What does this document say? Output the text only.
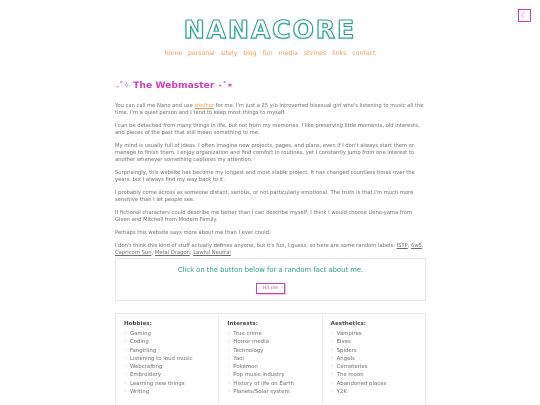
☾
NANACORE
home personal sitely blog fun media shrines links contact
₊˚✧ The Webmaster ⋆˚✶
You can call me Nano and use she/her for me. I'm just a 25 y/o introverted bisexual girl who's listening to music all the time. I'm a quiet person and I tend to keep most things to myself.
I can be detached from many things in life, but not from my memories. I like preserving little moments, old interests, and pieces of the past that still mean something to me.
My mind is usually full of ideas. I often imagine new projects, pages, and plans, even if I don't always start them or manage to finish them. I enjoy organization and find comfort in routines, yet I constantly jump from one interest to another whenever something captures my attention.
Surprisingly, this website has become my longest and most stable project. It has changed countless times over the years, but I always find my way back to it.
I probably come across as someone distant, serious, or not particularly emotional. The truth is that I'm much more sensitive than I let people see.
If fictional characters could describe me better than I can describe myself, I think I would choose Ueno-yama from Given and Mitchell from Modern Family.
Perhaps this website says more about me than I ever could.
I don't think this kind of stuff actually defines anyone, but it's fun, I guess, so here are some random labels: ISTP, 6w5, Capricorn Sun, Metal Dragon, Lawful Neutral
Click on the button below for a random fact about me.
Hit me
Hobbies:
◦ Gaming
◦ Coding
◦ Fangirling
◦ Listening to loud music
◦ Webcrafting
◦ Embroidery
◦ Learning new things
◦ Writing
Interests:
◦ True crime
◦ Horror media
◦ Technology
◦ Yaoi
◦ Pokémon
◦ Pop music industry
◦ History of life on Earth
◦ Planets/Solar system
Aesthetics:
◦ Vampires
◦ Elves
◦ Spiders
◦ Angels
◦ Cemeteries
◦ The moon
◦ Abandoned places
◦ Y2K
